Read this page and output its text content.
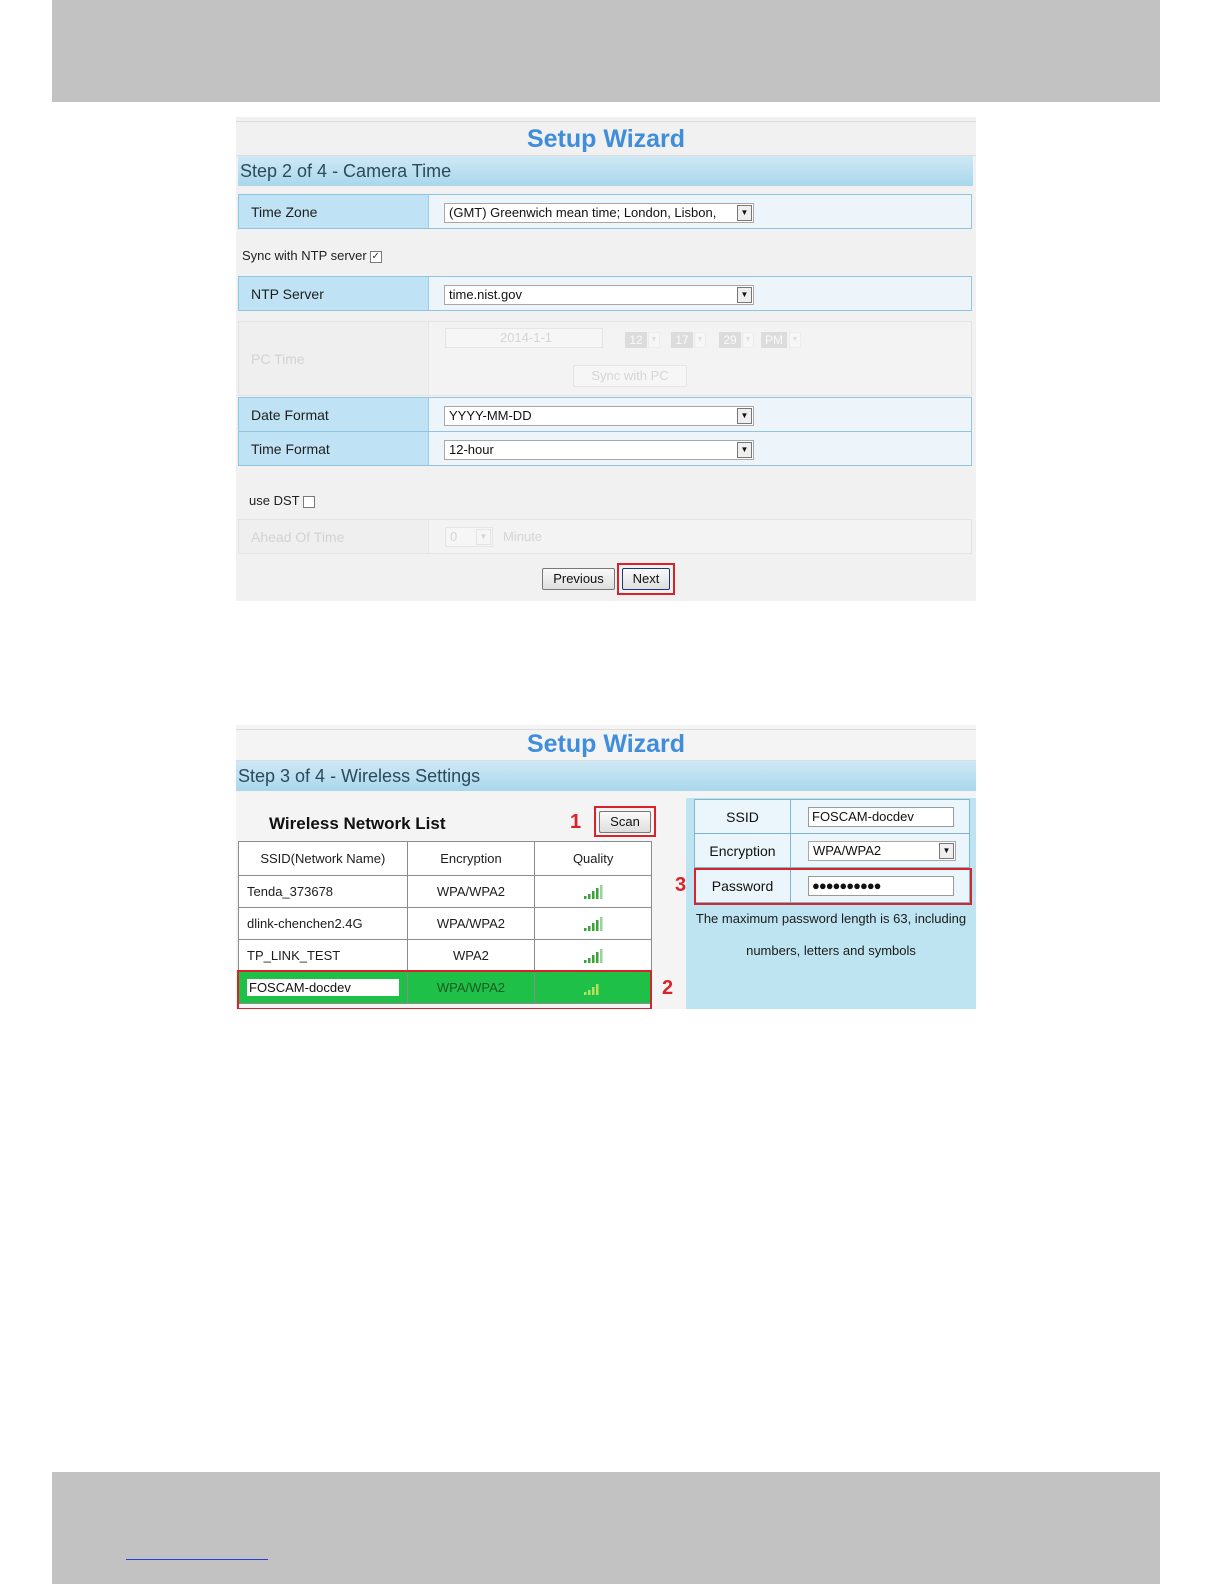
Setup Wizard
Step 2 of 4 - Camera Time
Time Zone	(GMT) Greenwich mean time; London, Lisbon,	▼
Sync with NTP server ✓
NTP Server	time.nist.gov	▼
PC Time
2014-1-1	12	▼	17	▼	29	▼	PM	▼
Sync with PC
Date Format	YYYY-MM-DD	▼
Time Format	12-hour	▼
use DST
Ahead Of Time	0	▼ Minute
Previous	Next
Setup Wizard
Step 3 of 4 - Wireless Settings
Wireless Network List	1	Scan
SSID(Network Name)	Encryption	Quality
Tenda_373678	WPA/WPA2	
dlink-chenchen2.4G	WPA/WPA2	
TP_LINK_TEST	WPA2	

FOSCAM-docdev	WPA/WPA2		2
SSID	FOSCAM-docdev
Encryption	WPA/WPA2	▼
Password	●●●●●●●●●●
The maximum password length is 63, including
numbers, letters and symbols
3
